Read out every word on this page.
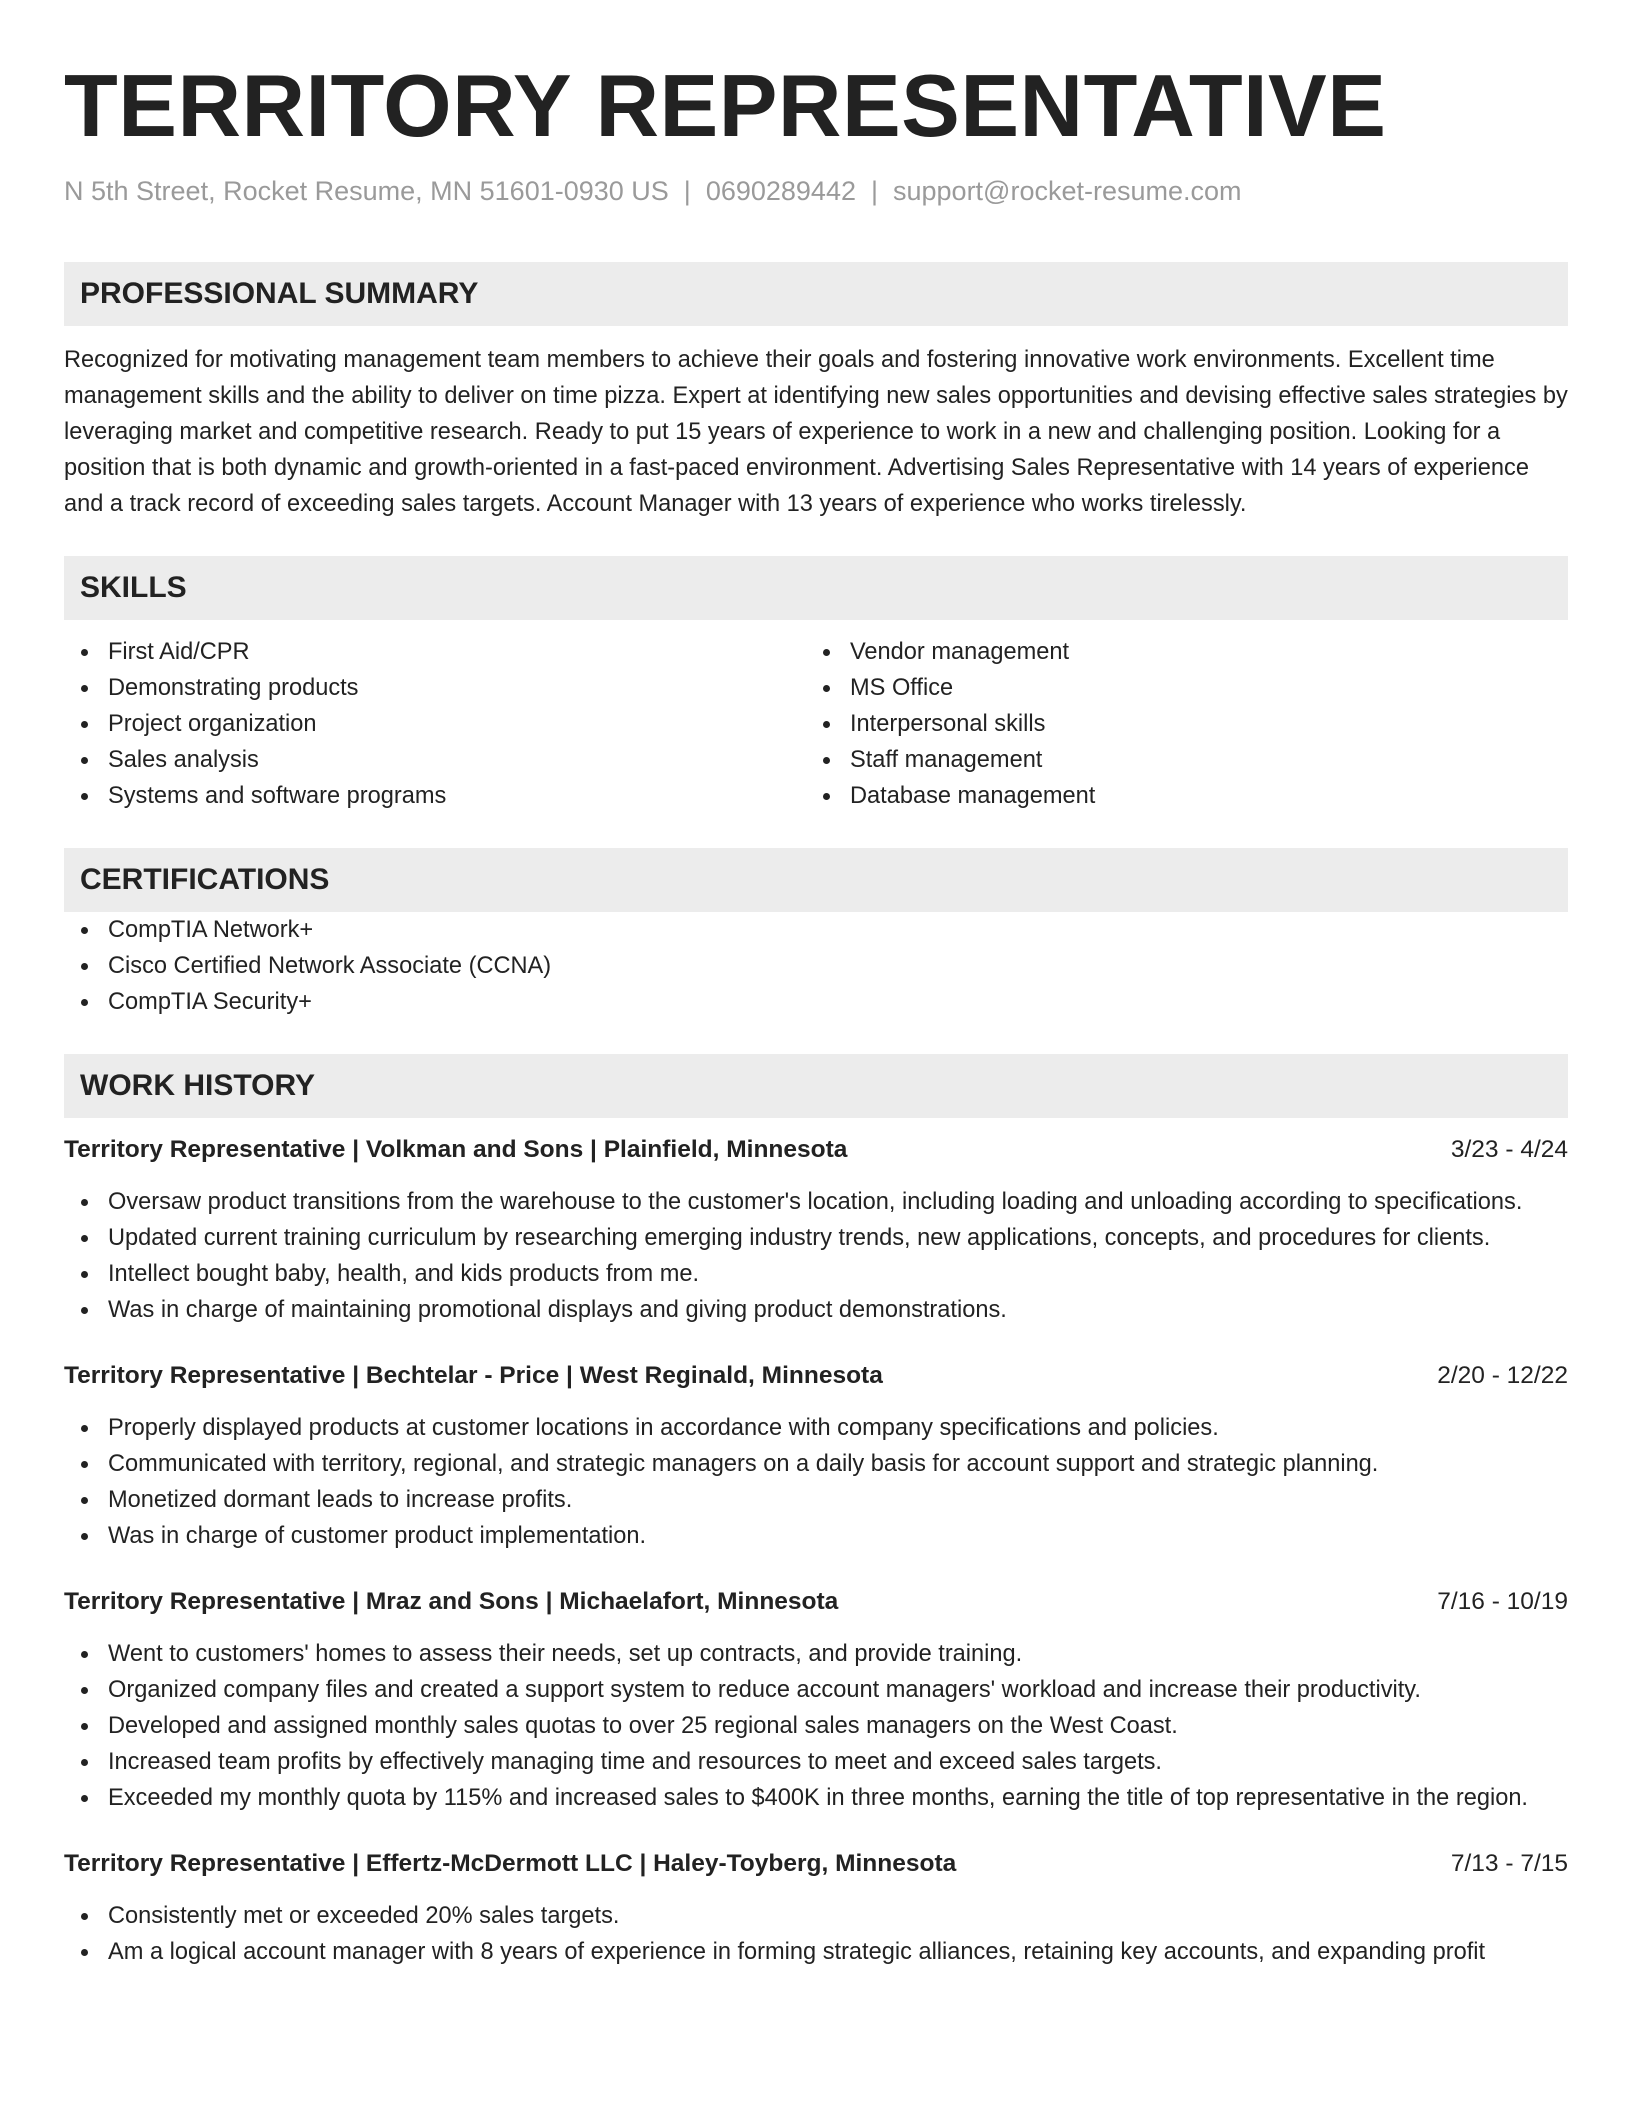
TERRITORY REPRESENTATIVE
N 5th Street, Rocket Resume, MN 51601-0930 US | 0690289442 | support@rocket-resume.com
PROFESSIONAL SUMMARY
Recognized for motivating management team members to achieve their goals and fostering innovative work environments. Excellent time management skills and the ability to deliver on time pizza. Expert at identifying new sales opportunities and devising effective sales strategies by leveraging market and competitive research. Ready to put 15 years of experience to work in a new and challenging position. Looking for a position that is both dynamic and growth-oriented in a fast-paced environment. Advertising Sales Representative with 14 years of experience and a track record of exceeding sales targets. Account Manager with 13 years of experience who works tirelessly.
SKILLS
First Aid/CPR
Demonstrating products
Project organization
Sales analysis
Systems and software programs
Vendor management
MS Office
Interpersonal skills
Staff management
Database management
CERTIFICATIONS
CompTIA Network+
Cisco Certified Network Associate (CCNA)
CompTIA Security+
WORK HISTORY
Territory Representative | Volkman and Sons | Plainfield, Minnesota	3/23 - 4/24
Oversaw product transitions from the warehouse to the customer's location, including loading and unloading according to specifications.
Updated current training curriculum by researching emerging industry trends, new applications, concepts, and procedures for clients.
Intellect bought baby, health, and kids products from me.
Was in charge of maintaining promotional displays and giving product demonstrations.
Territory Representative | Bechtelar - Price | West Reginald, Minnesota	2/20 - 12/22
Properly displayed products at customer locations in accordance with company specifications and policies.
Communicated with territory, regional, and strategic managers on a daily basis for account support and strategic planning.
Monetized dormant leads to increase profits.
Was in charge of customer product implementation.
Territory Representative | Mraz and Sons | Michaelafort, Minnesota	7/16 - 10/19
Went to customers' homes to assess their needs, set up contracts, and provide training.
Organized company files and created a support system to reduce account managers' workload and increase their productivity.
Developed and assigned monthly sales quotas to over 25 regional sales managers on the West Coast.
Increased team profits by effectively managing time and resources to meet and exceed sales targets.
Exceeded my monthly quota by 115% and increased sales to $400K in three months, earning the title of top representative in the region.
Territory Representative | Effertz-McDermott LLC | Haley-Toyberg, Minnesota	7/13 - 7/15
Consistently met or exceeded 20% sales targets.
Am a logical account manager with 8 years of experience in forming strategic alliances, retaining key accounts, and expanding profit
